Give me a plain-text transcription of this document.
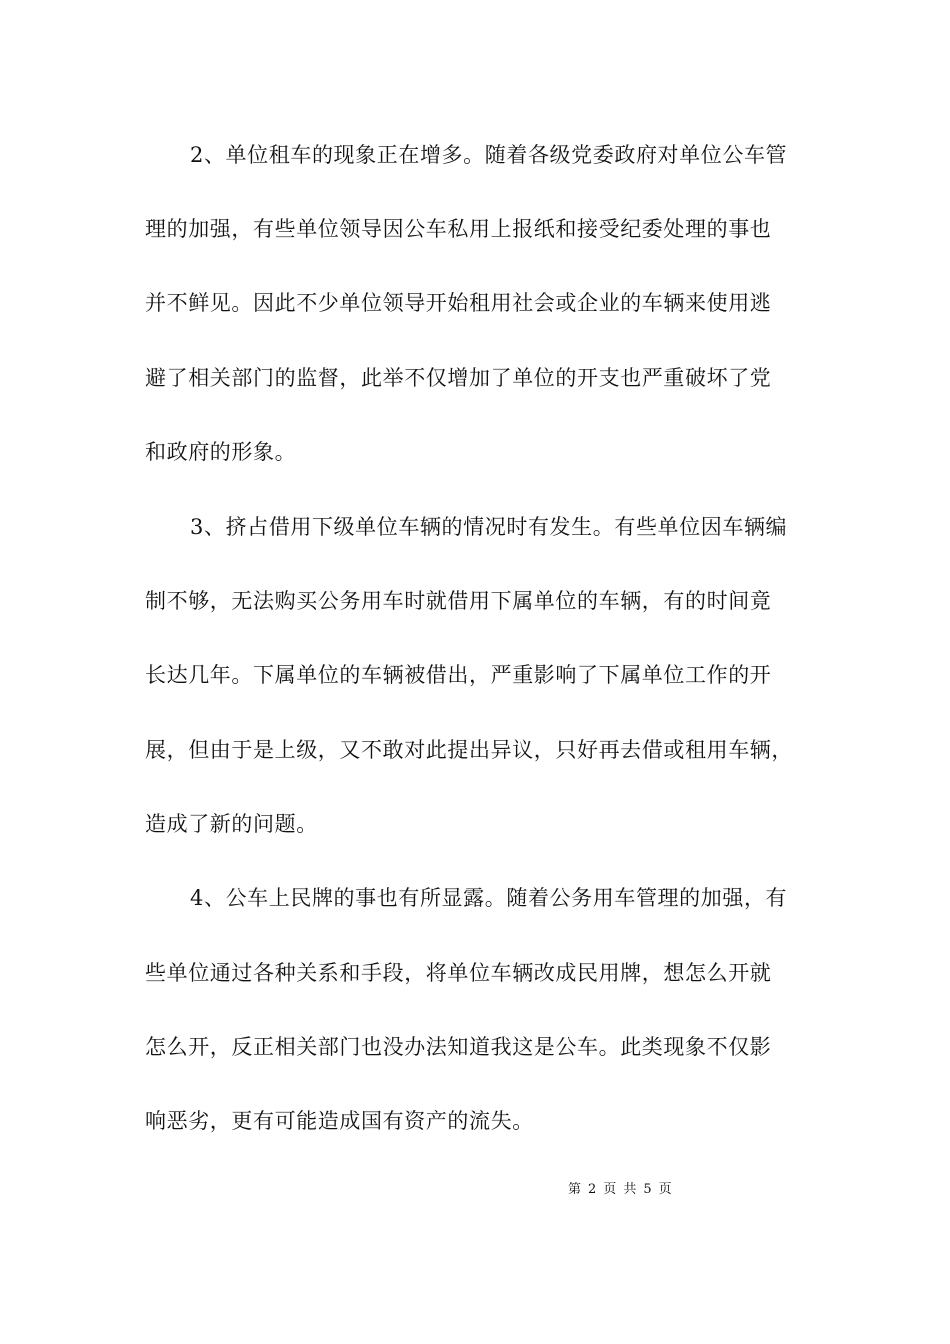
2、单位租车的现象正在增多。随着各级党委政府对单位公车管
理的加强，有些单位领导因公车私用上报纸和接受纪委处理的事也
并不鲜见。因此不少单位领导开始租用社会或企业的车辆来使用逃
避了相关部门的监督，此举不仅增加了单位的开支也严重破坏了党
和政府的形象。
3、挤占借用下级单位车辆的情况时有发生。有些单位因车辆编
制不够，无法购买公务用车时就借用下属单位的车辆，有的时间竟
长达几年。下属单位的车辆被借出，严重影响了下属单位工作的开
展，但由于是上级，又不敢对此提出异议，只好再去借或租用车辆，
造成了新的问题。
4、公车上民牌的事也有所显露。随着公务用车管理的加强，有
些单位通过各种关系和手段，将单位车辆改成民用牌，想怎么开就
怎么开，反正相关部门也没办法知道我这是公车。此类现象不仅影
响恶劣，更有可能造成国有资产的流失。
第 2 页 共 5 页
